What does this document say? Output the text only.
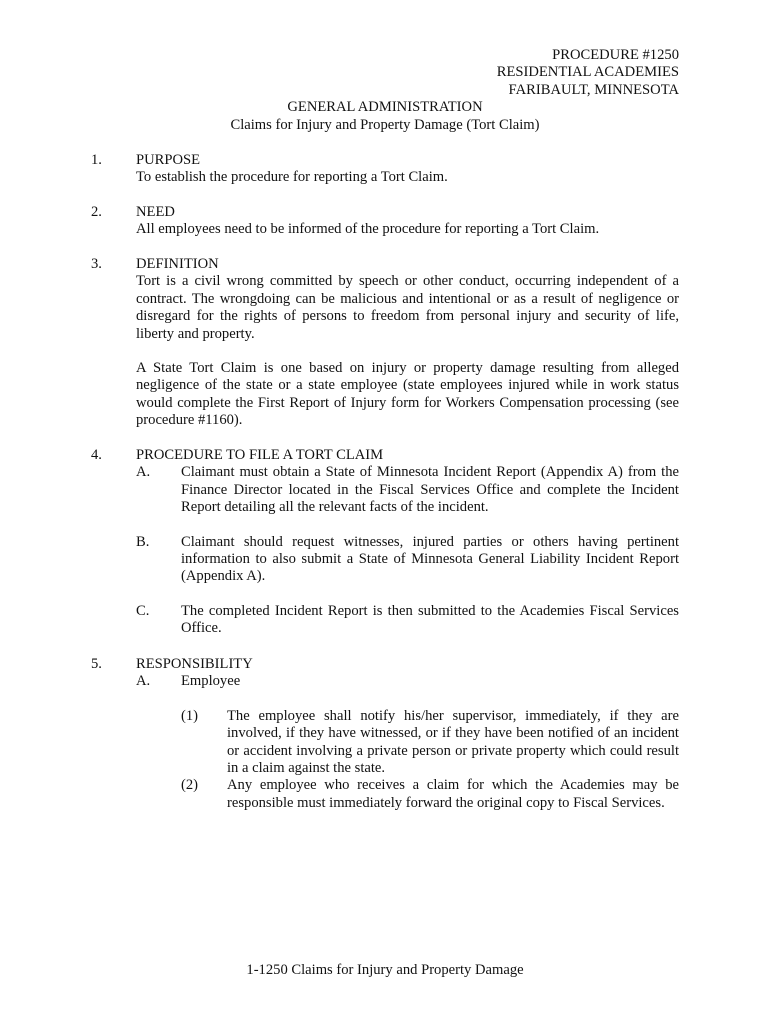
PROCEDURE #1250
RESIDENTIAL ACADEMIES
FARIBAULT, MINNESOTA
GENERAL ADMINISTRATION
Claims for Injury and Property Damage (Tort Claim)
1. PURPOSE
To establish the procedure for reporting a Tort Claim.
2. NEED
All employees need to be informed of the procedure for reporting a Tort Claim.
3. DEFINITION
Tort is a civil wrong committed by speech or other conduct, occurring independent of a contract. The wrongdoing can be malicious and intentional or as a result of negligence or disregard for the rights of persons to freedom from personal injury and security of life, liberty and property.
A State Tort Claim is one based on injury or property damage resulting from alleged negligence of the state or a state employee (state employees injured while in work status would complete the First Report of Injury form for Workers Compensation processing (see procedure #1160).
4. PROCEDURE TO FILE A TORT CLAIM
A. Claimant must obtain a State of Minnesota Incident Report (Appendix A) from the Finance Director located in the Fiscal Services Office and complete the Incident Report detailing all the relevant facts of the incident.
B. Claimant should request witnesses, injured parties or others having pertinent information to also submit a State of Minnesota General Liability Incident Report (Appendix A).
C. The completed Incident Report is then submitted to the Academies Fiscal Services Office.
5. RESPONSIBILITY
A. Employee
(1) The employee shall notify his/her supervisor, immediately, if they are involved, if they have witnessed, or if they have been notified of an incident or accident involving a private person or private property which could result in a claim against the state.
(2) Any employee who receives a claim for which the Academies may be responsible must immediately forward the original copy to Fiscal Services.
1-1250 Claims for Injury and Property Damage
